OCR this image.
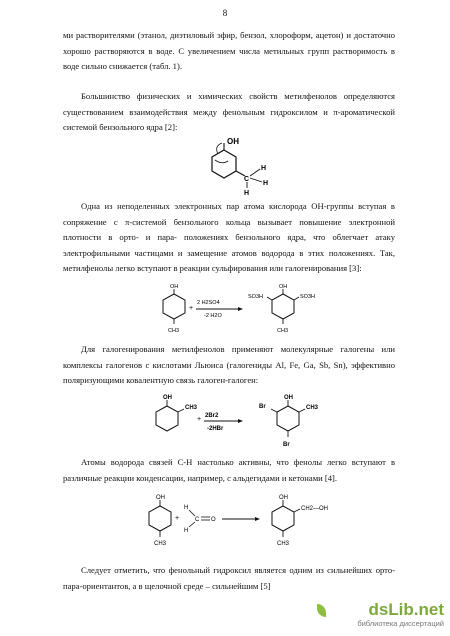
8
ми растворителями (этанол, диэтиловый эфир, бензол, хлороформ, ацетон) и достаточно хорошо растворяются в воде. С увеличением числа метильных групп растворимость в воде сильно снижается (табл. 1).
Большинство физических и химических свойств метилфенолов определяются существованием взаимодействия между фенольным гидроксилом и π-ароматической системой бензольного ядра [2]:
OH
C
H
H
H
Одна из неподеленных электронных пар атома кислорода ОН-группы вступая в сопряжение с π-системой бензольного кольца вызывает повышение электронной плотности в орто- и пара- положениях бензольного ядра, что облегчает атаку электрофильными частицами и замещение атомов водорода в этих положениях. Так, метилфенолы легко вступают в реакции сульфирования или галогенирования [3]:
OH
CH3
+
2 H2SO4
-2 H2O
OH
SO3H	SO3H
CH3
Для галогенирования метилфенолов применяют молекулярные галогены или комплексы галогенов с кислотами Льюиса (галогениды Al, Fe, Ga, Sb, Sn), эффективно поляризующими ковалентную связь галоген-галоген:
OH
CH3
+ 2Br2
-2HBr
Br
OH
CH3
Br
Атомы водорода связей С-Н настолько активны, что фенолы легко вступают в различные реакции конденсации, например, с альдегидами и кетонами [4].
OH
CH3
+
H
C
H
O
OH
CH2—OH
CH3
Следует отметить, что фенольный гидроксил является одним из сильнейших орто-пара-ориентантов, а в щелочной среде – сильнейшим [5]
dsLib.net
библиотека диссертаций
